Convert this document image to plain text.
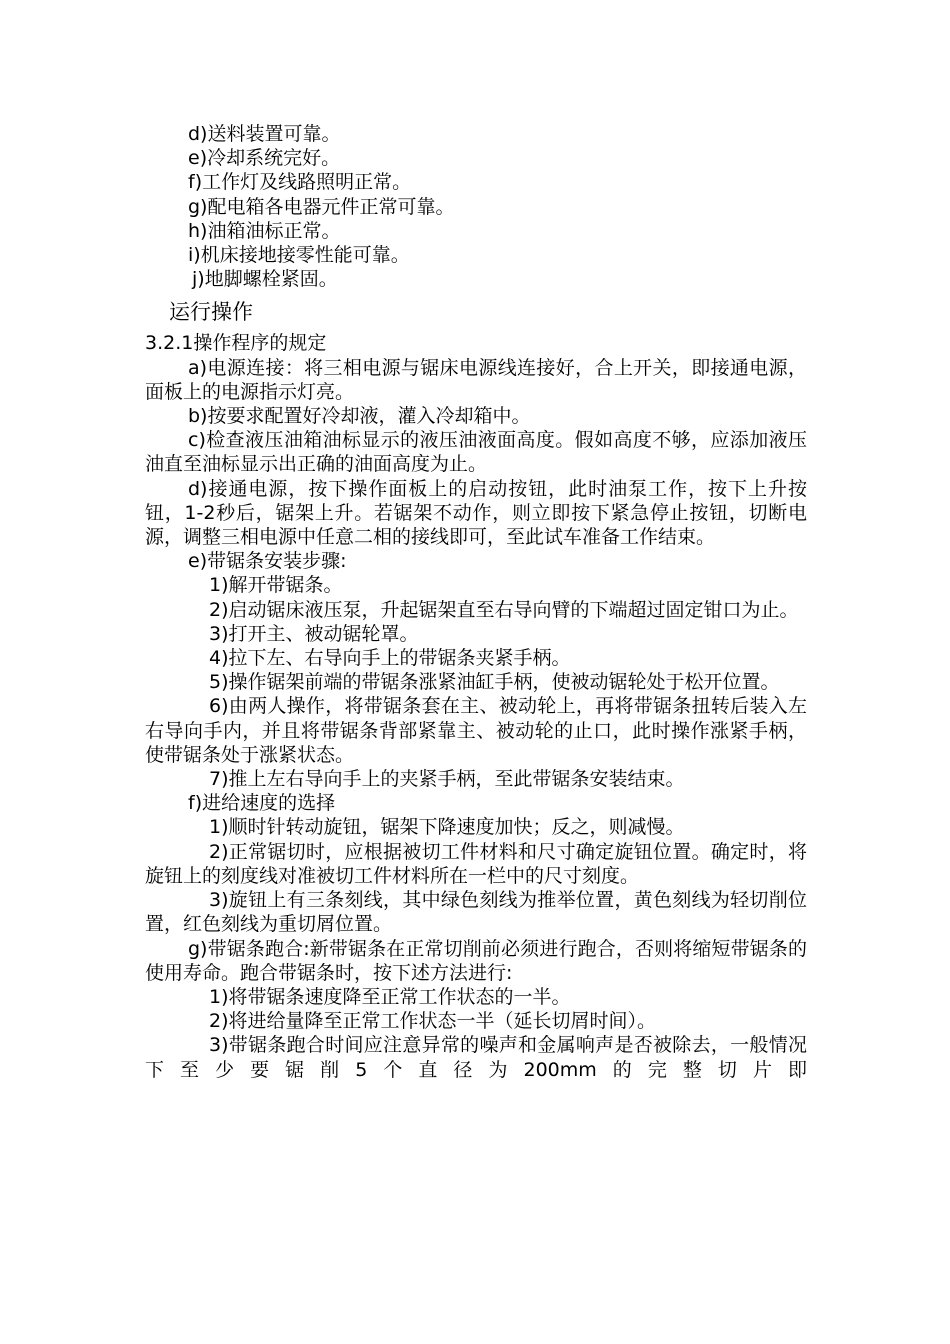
d)送料装置可靠。

e)冷却系统完好。

f)工作灯及线路照明正常。

g)配电箱各电器元件正常可靠。

h)油箱油标正常。

i)机床接地接零性能可靠。

j)地脚螺栓紧固。

运行操作

3.2.1操作程序的规定

a)电源连接：将三相电源与锯床电源线连接好，合上开关，即接通电源，面板上的电源指示灯亮。

b)按要求配置好冷却液，灌入冷却箱中。

c)检查液压油箱油标显示的液压油液面高度。假如高度不够，应添加液压油直至油标显示出正确的油面高度为止。

d)接通电源，按下操作面板上的启动按钮，此时油泵工作，按下上升按钮，1-2秒后，锯架上升。若锯架不动作，则立即按下紧急停止按钮，切断电源，调整三相电源中任意二相的接线即可，至此试车准备工作结束。

e)带锯条安装步骤:

1)解开带锯条。

2)启动锯床液压泵，升起锯架直至右导向臂的下端超过固定钳口为止。

3)打开主、被动锯轮罩。

4)拉下左、右导向手上的带锯条夹紧手柄。

5)操作锯架前端的带锯条涨紧油缸手柄，使被动锯轮处于松开位置。

6)由两人操作，将带锯条套在主、被动轮上，再将带锯条扭转后装入左右导向手内，并且将带锯条背部紧靠主、被动轮的止口，此时操作涨紧手柄，使带锯条处于涨紧状态。

7)推上左右导向手上的夹紧手柄，至此带锯条安装结束。

f)进给速度的选择

1)顺时针转动旋钮，锯架下降速度加快；反之，则减慢。

2)正常锯切时，应根据被切工件材料和尺寸确定旋钮位置。确定时，将旋钮上的刻度线对准被切工件材料所在一栏中的尺寸刻度。

3)旋钮上有三条刻线，其中绿色刻线为推举位置，黄色刻线为轻切削位置，红色刻线为重切屑位置。

g)带锯条跑合:新带锯条在正常切削前必须进行跑合，否则将缩短带锯条的使用寿命。跑合带锯条时，按下述方法进行:

1)将带锯条速度降至正常工作状态的一半。

2)将进给量降至正常工作状态一半（延长切屑时间）。

3)带锯条跑合时间应注意异常的噪声和金属响声是否被除去，一般情况下至少要锯削5个直径为200mm的完整切片即
